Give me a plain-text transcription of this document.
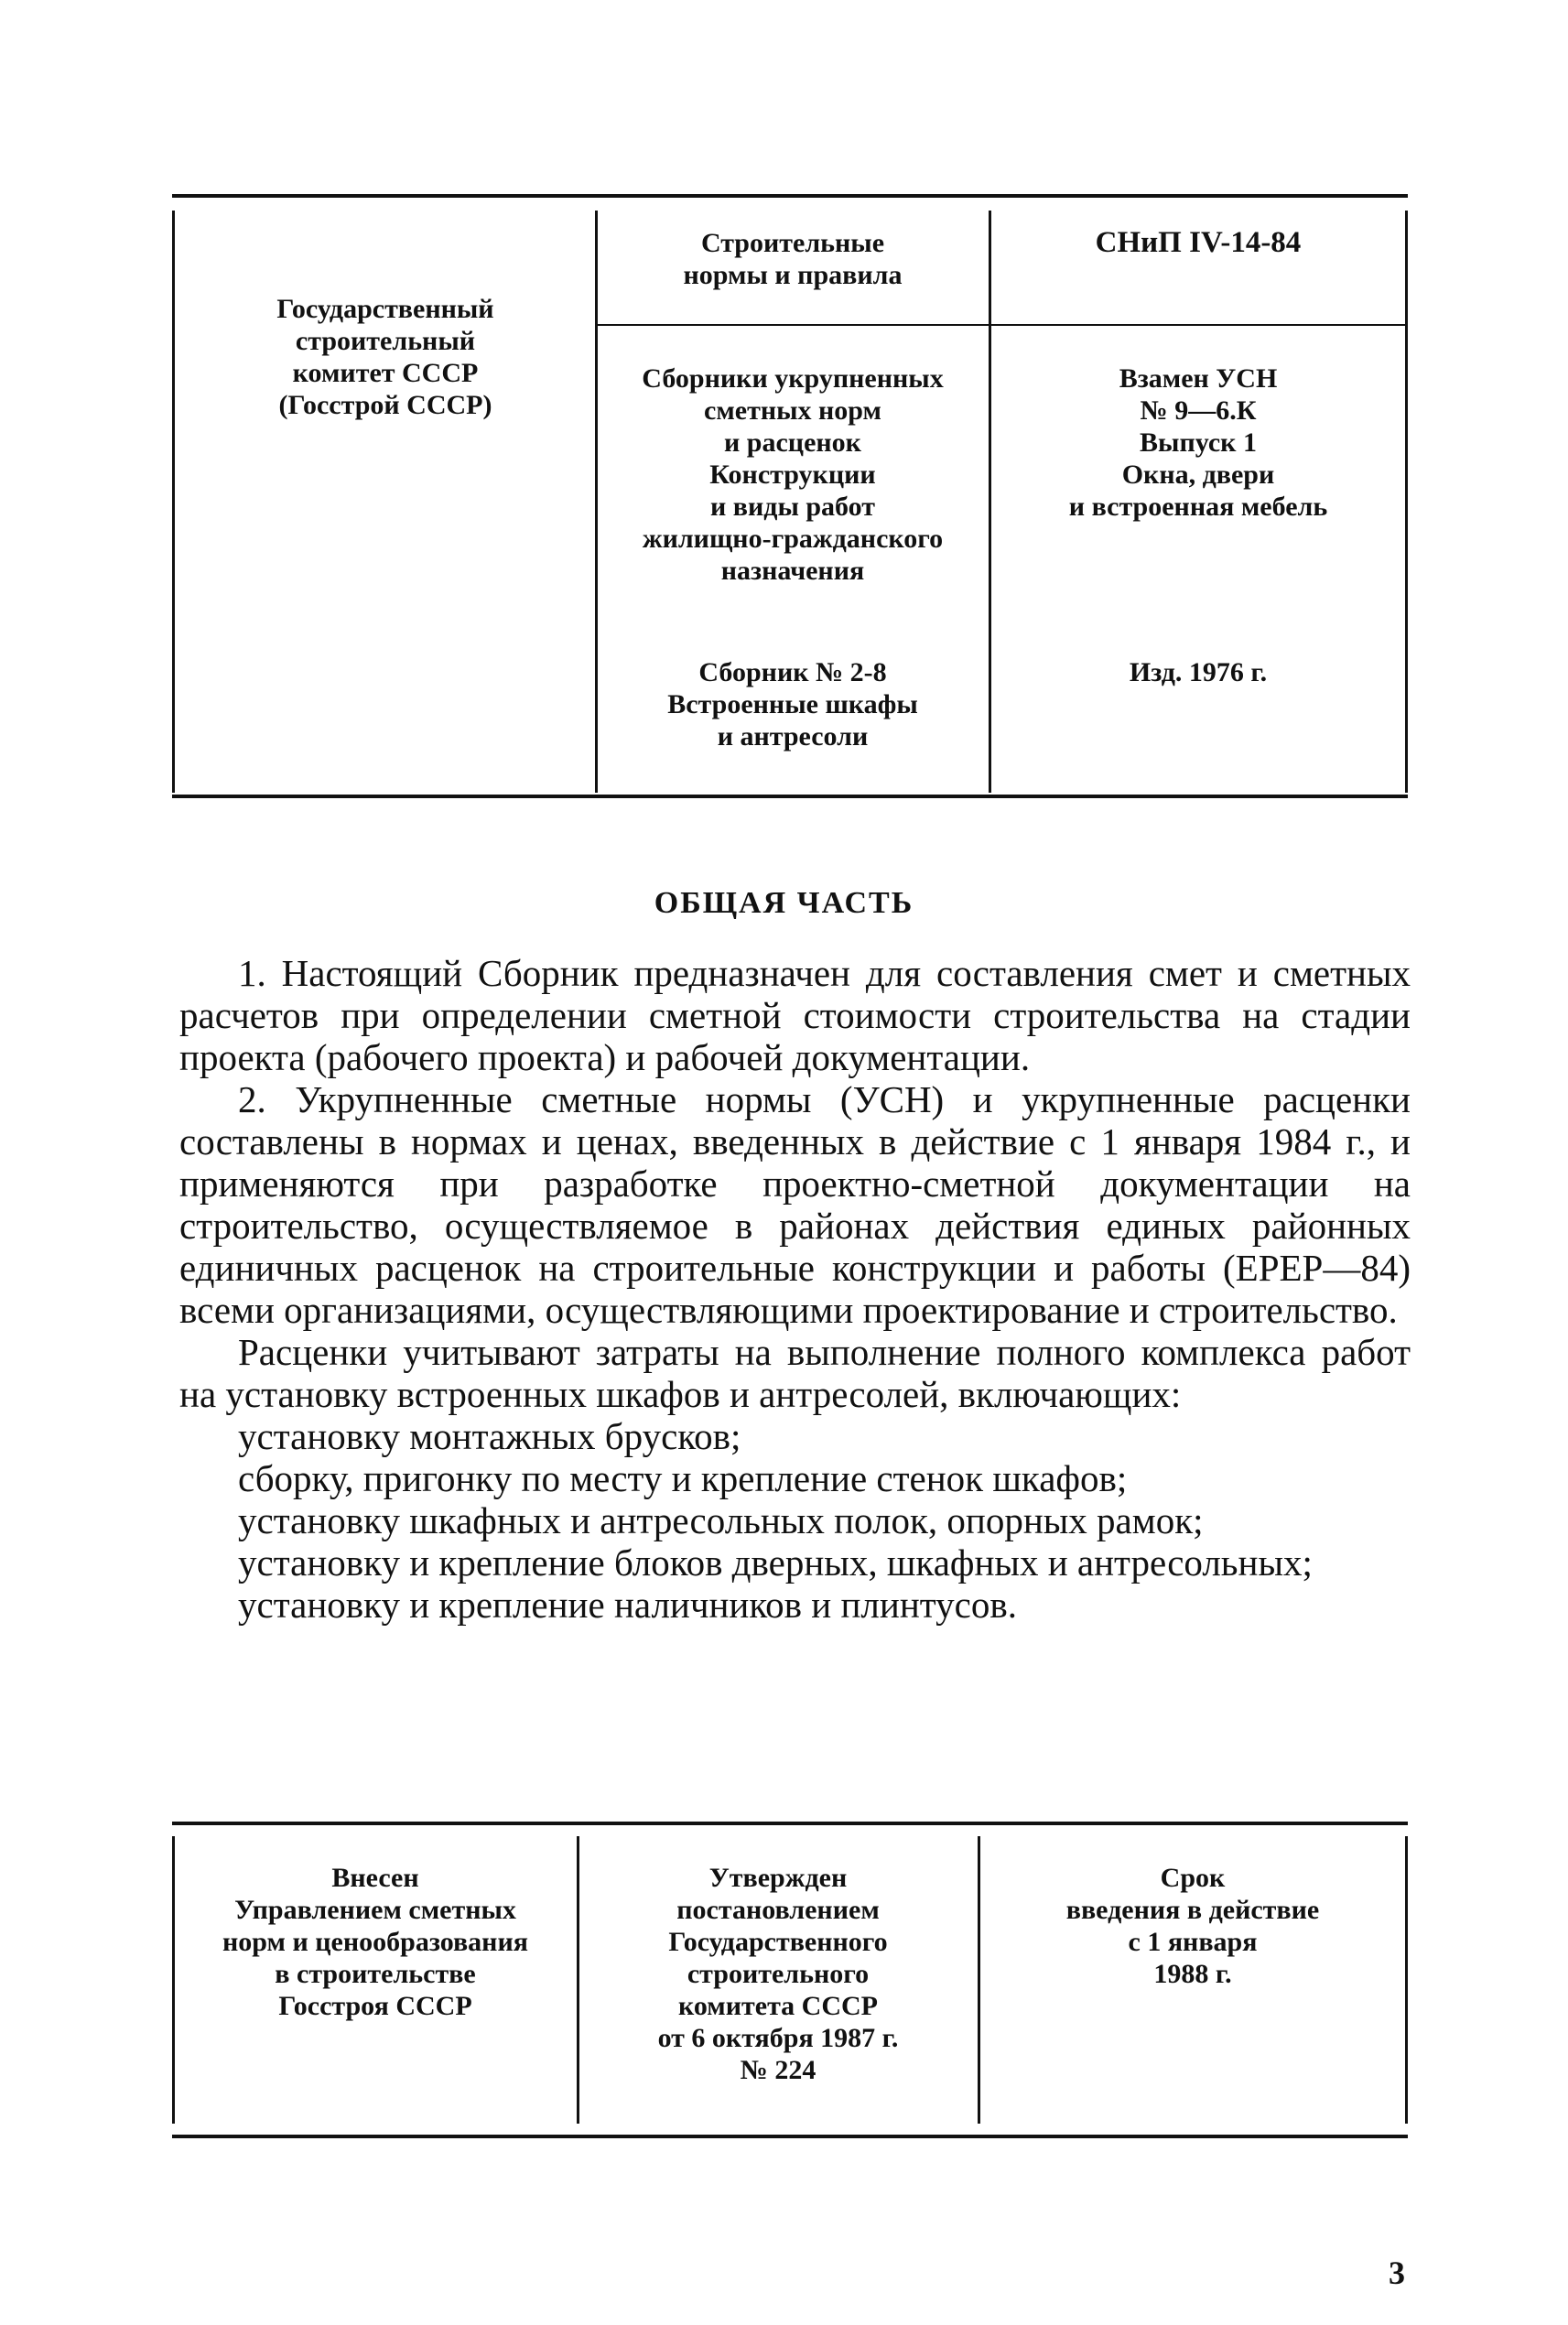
Государственный
строительный
комитет СССР
(Госстрой СССР)
Строительные
нормы и правила
СНиП IV-14-84
Сборники укрупненных
сметных норм
и расценок
Конструкции
и виды работ
жилищно-гражданского
назначения
Взамен УСН
№ 9—6.К
Выпуск 1
Окна, двери
и встроенная мебель
Сборник № 2-8
Встроенные шкафы
и антресоли
Изд. 1976 г.
ОБЩАЯ ЧАСТЬ

1. Настоящий Сборник предназначен для составления смет и сметных расчетов при определении сметной стоимости строительства на стадии проекта (рабочего проекта) и рабочей документации.

2. Укрупненные сметные нормы (УСН) и укрупненные расценки составлены в нормах и ценах, введенных в действие с 1 января 1984 г., и применяются при разработке проектно-сметной документации на строительство, осуществляемое в районах действия единых районных единичных расценок на строительные конструкции и работы (ЕРЕР—84) всеми организациями, осуществляющими проектирование и строительство.

Расценки учитывают затраты на выполнение полного комплекса работ на установку встроенных шкафов и антресолей, включающих:

установку монтажных брусков;

сборку, пригонку по месту и крепление стенок шкафов;

установку шкафных и антресольных полок, опорных рамок;

установку и крепление блоков дверных, шкафных и антресольных;

установку и крепление наличников и плинтусов.

Внесен
Управлением сметных
норм и ценообразования
в строительстве
Госстроя СССР
Утвержден
постановлением
Государственного
строительного
комитета СССР
от 6 октября 1987 г.
№ 224
Срок
введения в действие
с 1 января
1988 г.
3
